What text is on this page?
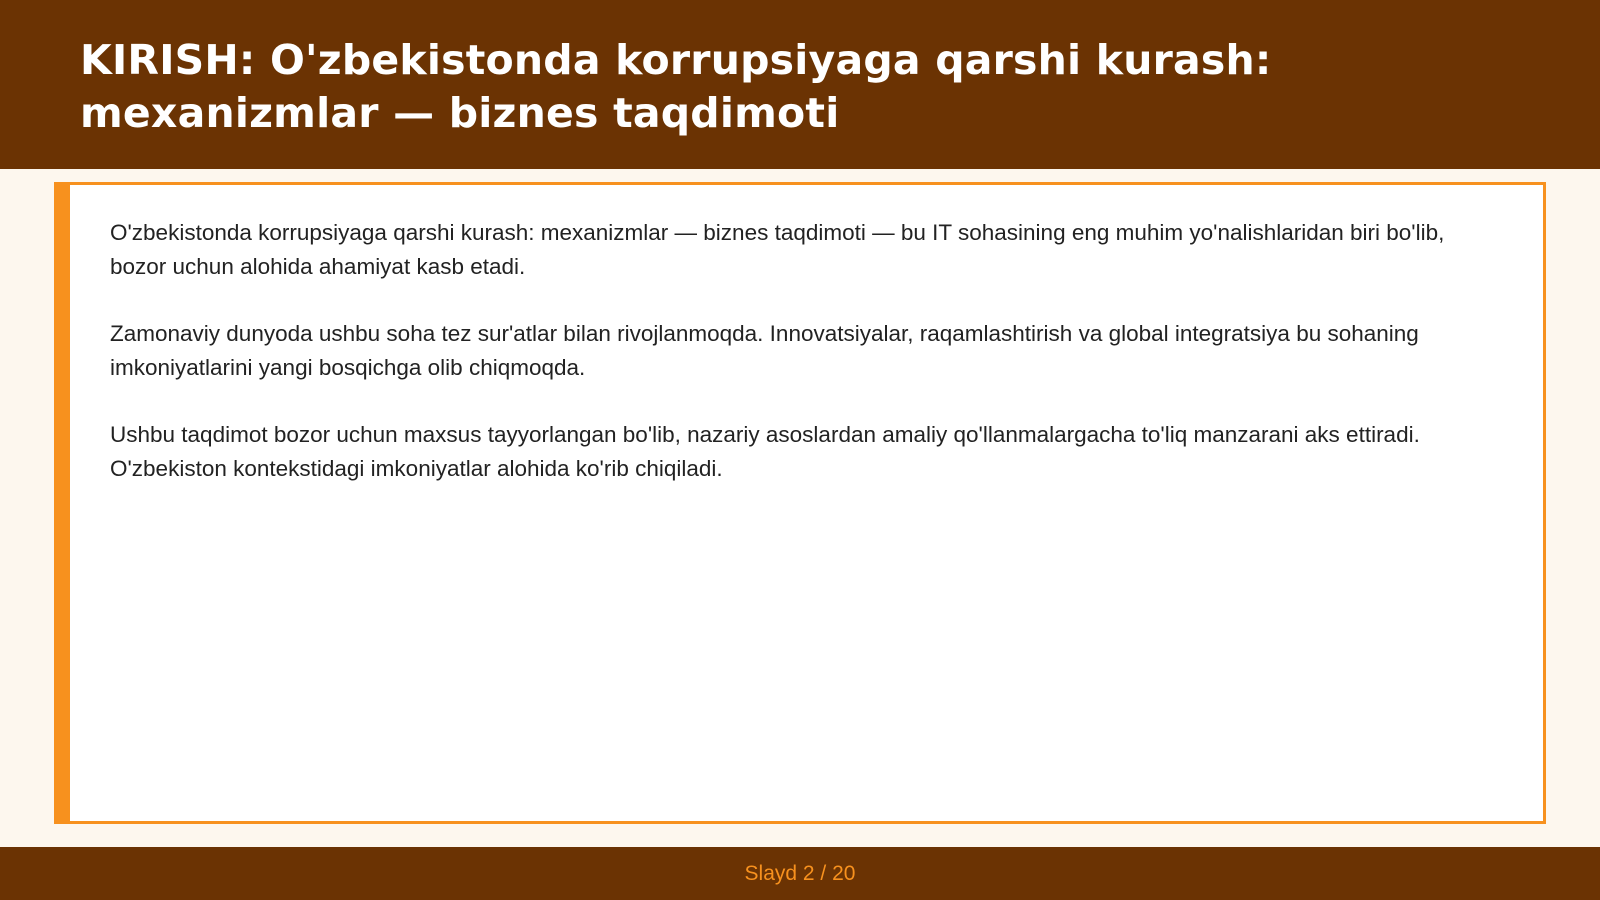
KIRISH: O'zbekistonda korrupsiyaga qarshi kurash: mexanizmlar — biznes taqdimoti

O'zbekistonda korrupsiyaga qarshi kurash: mexanizmlar — biznes taqdimoti — bu IT sohasining eng muhim yo'nalishlaridan biri bo'lib, bozor uchun alohida ahamiyat kasb etadi.

Zamonaviy dunyoda ushbu soha tez sur'atlar bilan rivojlanmoqda. Innovatsiyalar, raqamlashtirish va global integratsiya bu sohaning imkoniyatlarini yangi bosqichga olib chiqmoqda.

Ushbu taqdimot bozor uchun maxsus tayyorlangan bo'lib, nazariy asoslardan amaliy qo'llanmalargacha to'liq manzarani aks ettiradi. O'zbekiston kontekstidagi imkoniyatlar alohida ko'rib chiqiladi.

Slayd 2 / 20
